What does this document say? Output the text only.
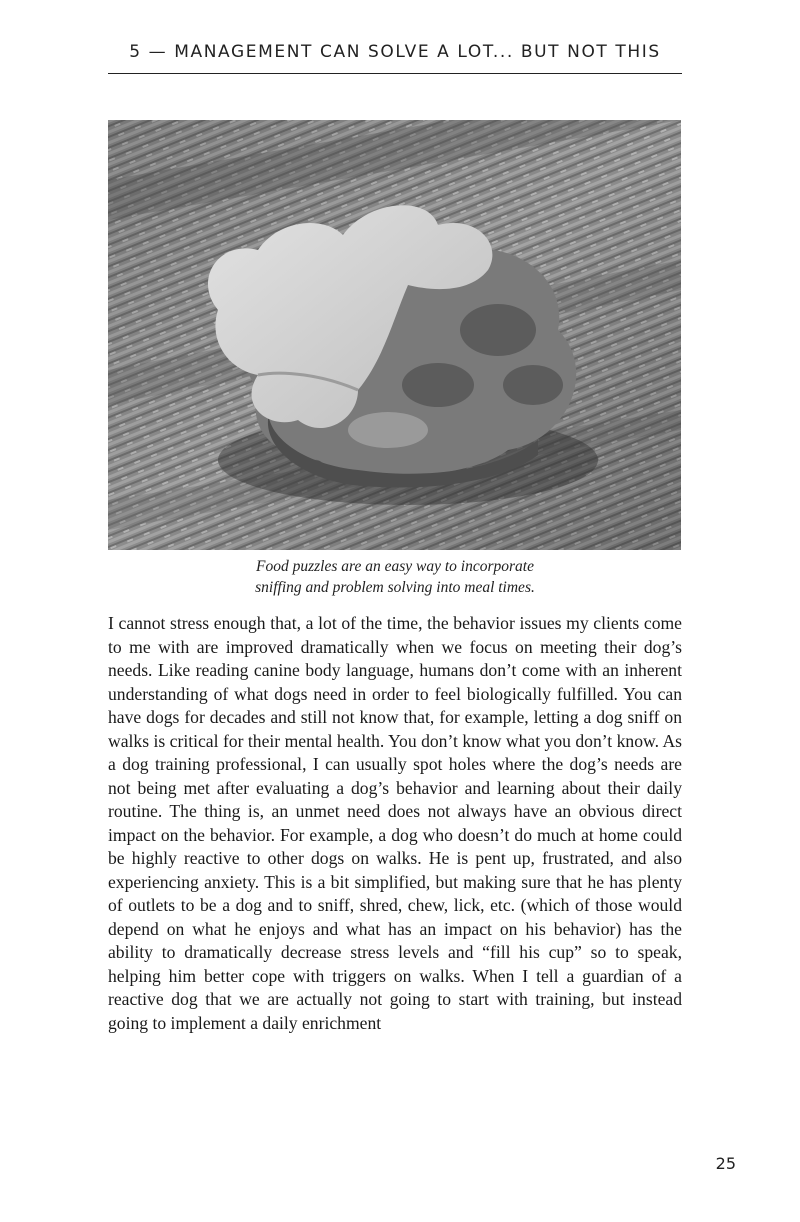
5 — MANAGEMENT CAN SOLVE A LOT... BUT NOT THIS
Food puzzles are an easy way to incorporate
sniffing and problem solving into meal times.
I cannot stress enough that, a lot of the time, the behavior issues my clients come to me with are improved dramatically when we focus on meeting their dog’s needs. Like reading canine body language, humans don’t come with an inherent understanding of what dogs need in order to feel biologically fulfilled. You can have dogs for decades and still not know that, for example, letting a dog sniff on walks is critical for their mental health. You don’t know what you don’t know. As a dog training professional, I can usually spot holes where the dog’s needs are not being met after evaluating a dog’s behavior and learning about their daily routine. The thing is, an unmet need does not always have an obvious direct impact on the behavior. For example, a dog who doesn’t do much at home could be highly reactive to other dogs on walks. He is pent up, frustrated, and also experiencing anxiety. This is a bit simplified, but making sure that he has plenty of outlets to be a dog and to sniff, shred, chew, lick, etc. (which of those would depend on what he enjoys and what has an impact on his behavior) has the ability to dramatically decrease stress levels and “fill his cup” so to speak, helping him better cope with triggers on walks. When I tell a guardian of a reactive dog that we are actually not going to start with training, but instead going to implement a daily enrichment
25
